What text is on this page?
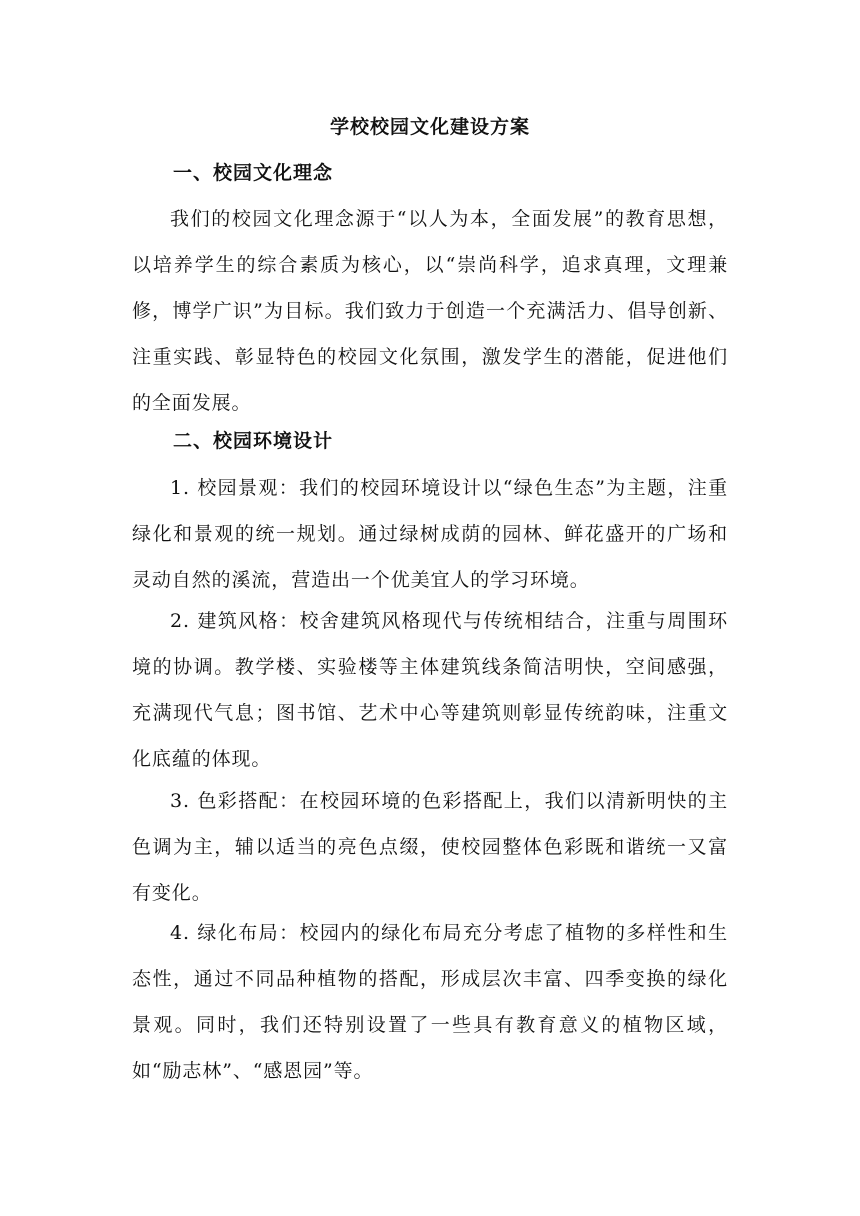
学校校园文化建设方案
一、校园文化理念

我们的校园文化理念源于“以人为本，全面发展”的教育思想，以培养学生的综合素质为核心，以“崇尚科学，追求真理，文理兼修，博学广识”为目标。我们致力于创造一个充满活力、倡导创新、注重实践、彰显特色的校园文化氛围，激发学生的潜能，促进他们的全面发展。

二、校园环境设计

1. 校园景观：我们的校园环境设计以“绿色生态”为主题，注重绿化和景观的统一规划。通过绿树成荫的园林、鲜花盛开的广场和灵动自然的溪流，营造出一个优美宜人的学习环境。

2. 建筑风格：校舍建筑风格现代与传统相结合，注重与周围环境的协调。教学楼、实验楼等主体建筑线条简洁明快，空间感强，充满现代气息；图书馆、艺术中心等建筑则彰显传统韵味，注重文化底蕴的体现。

3. 色彩搭配：在校园环境的色彩搭配上，我们以清新明快的主色调为主，辅以适当的亮色点缀，使校园整体色彩既和谐统一又富有变化。

4. 绿化布局：校园内的绿化布局充分考虑了植物的多样性和生态性，通过不同品种植物的搭配，形成层次丰富、四季变换的绿化景观。同时，我们还特别设置了一些具有教育意义的植物区域，如“励志林”、“感恩园”等。
